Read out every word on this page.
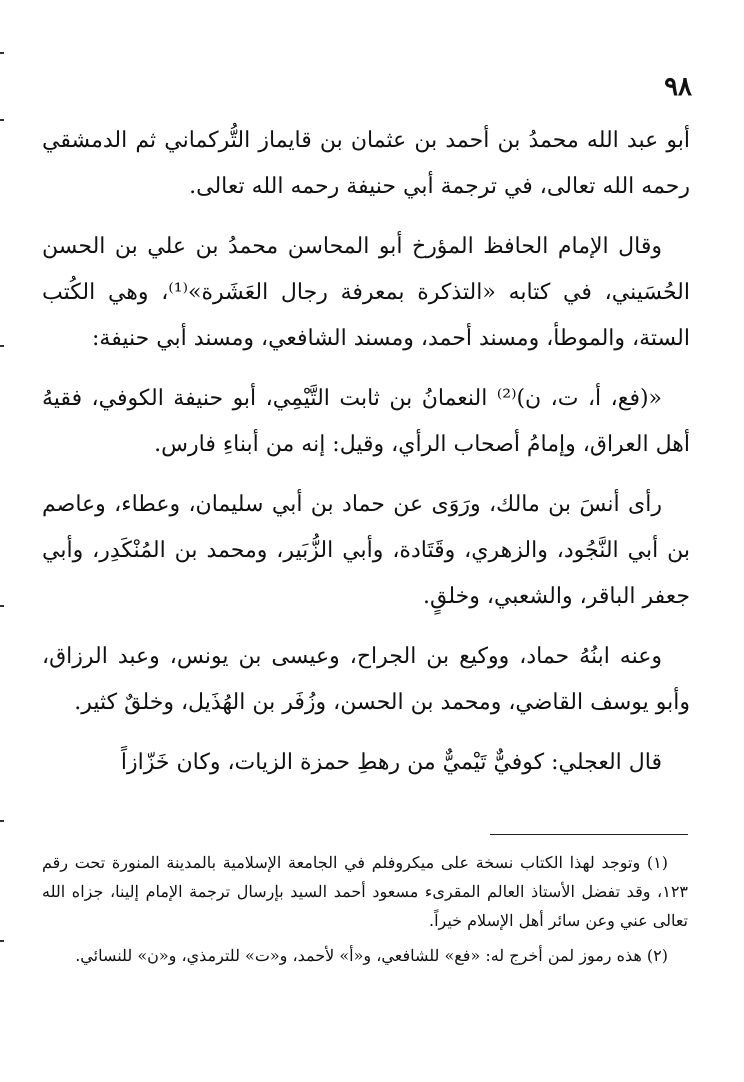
٩٨

أبو عبد الله محمدُ بن أحمد بن عثمان بن قايماز التُّركماني ثم الدمشقي رحمه الله تعالى، في ترجمة أبي حنيفة رحمه الله تعالى.

وقال الإمام الحافظ المؤرخ أبو المحاسن محمدُ بن علي بن الحسن الحُسَيني، في كتابه «التذكرة بمعرفة رجال العَشَرة»⁽¹⁾، وهي الكُتب الستة، والموطأ، ومسند أحمد، ومسند الشافعي، ومسند أبي حنيفة:

«(فع، أ، ت، ن)⁽²⁾ النعمانُ بن ثابت التَّيْمِي، أبو حنيفة الكوفي، فقيهُ أهل العراق، وإمامُ أصحاب الرأي، وقيل: إنه من أبناءِ فارس.

رأى أنسَ بن مالك، ورَوَى عن حماد بن أبي سليمان، وعطاء، وعاصم بن أبي النَّجُود، والزهري، وقَتَادة، وأبي الزُّبَير، ومحمد بن المُنْكَدِر، وأبي جعفر الباقر، والشعبي، وخلقٍ.

وعنه ابنُهُ حماد، ووكيع بن الجراح، وعيسى بن يونس، وعبد الرزاق، وأبو يوسف القاضي، ومحمد بن الحسن، وزُفَر بن الهُذَيل، وخلقٌ كثير.

قال العجلي: كوفيٌّ تَيْميٌّ من رهطِ حمزة الزيات، وكان خَزّازاً

(١) وتوجد لهذا الكتاب نسخة على ميكروفلم في الجامعة الإسلامية بالمدينة المنورة تحت رقم ١٢٣، وقد تفضل الأستاذ العالم المقرىء مسعود أحمد السيد بإرسال ترجمة الإمام إلينا، جزاه الله تعالى عني وعن سائر أهل الإسلام خيراً.

(٢) هذه رموز لمن أخرج له: «فع» للشافعي، و«أ» لأحمد، و«ت» للترمذي، و«ن» للنسائي.
